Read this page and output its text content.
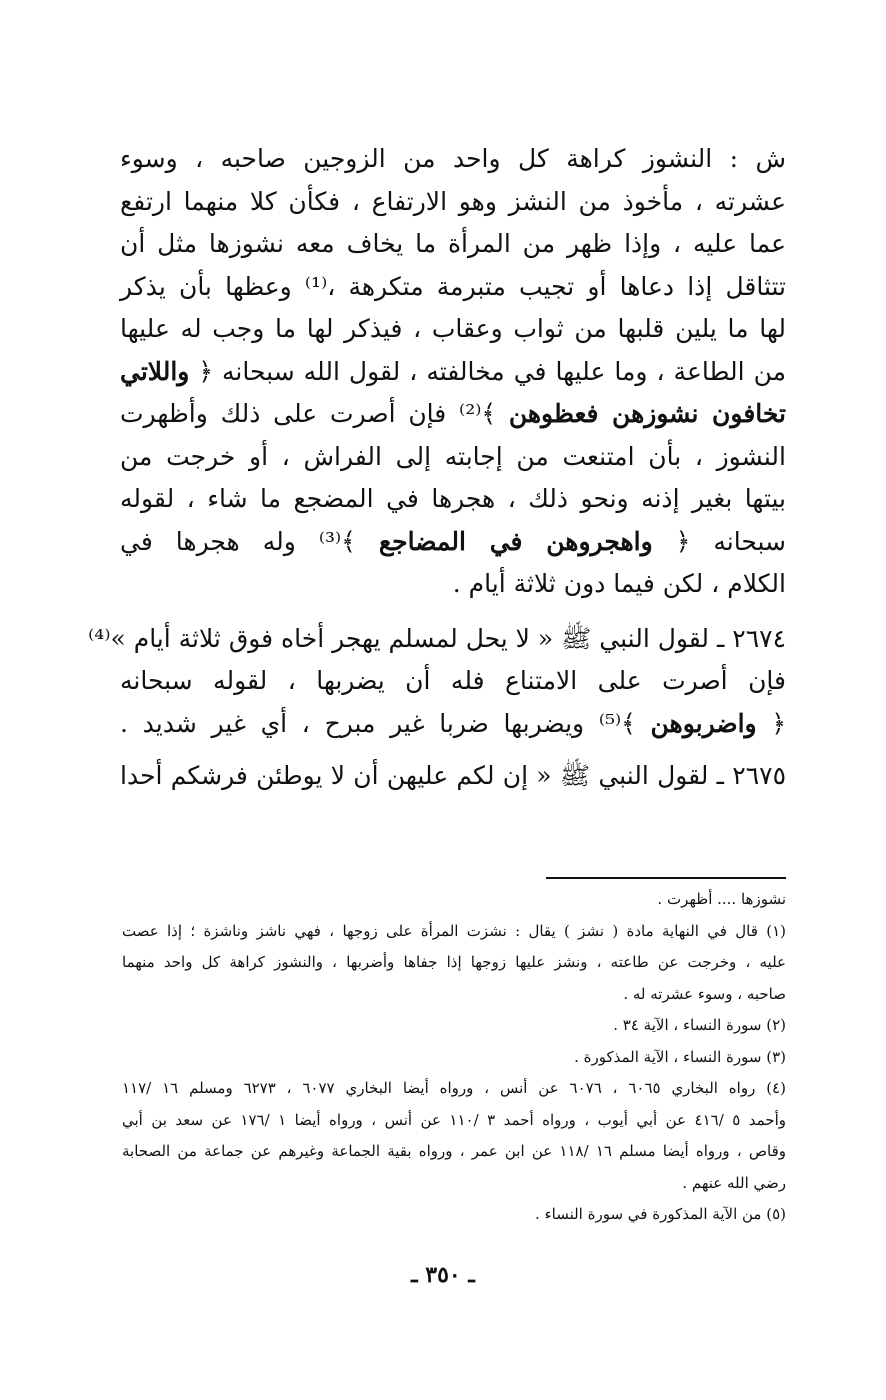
ش : النشوز كراهة كل واحد من الزوجين صاحبه ، وسوء
عشرته ، مأخوذ من النشز وهو الارتفاع ، فكأن كلا منهما ارتفع
عما عليه ، وإذا ظهر من المرأة ما يخاف معه نشوزها مثل أن
تتثاقل إذا دعاها أو تجيب متبرمة متكرهة ،⁽¹⁾ وعظها بأن يذكر
لها ما يلين قلبها من ثواب وعقاب ، فيذكر لها ما وجب له عليها
من الطاعة ، وما عليها في مخالفته ، لقول الله سبحانه ﴿ واللاتي
تخافون نشوزهن فعظوهن ﴾⁽²⁾ فإن أصرت على ذلك وأظهرت
النشوز ، بأن امتنعت من إجابته إلى الفراش ، أو خرجت من
بيتها بغير إذنه ونحو ذلك ، هجرها في المضجع ما شاء ، لقوله
سبحانه ﴿ واهجروهن في المضاجع ﴾⁽³⁾ وله هجرها في
الكلام ، لكن فيما دون ثلاثة أيام .
٢٦٧٤ ـ لقول النبي ﷺ « لا يحل لمسلم يهجر أخاه فوق ثلاثة أيام »⁽⁴⁾
فإن أصرت على الامتناع فله أن يضربها ، لقوله سبحانه
﴿ واضربوهن ﴾⁽⁵⁾ ويضربها ضربا غير مبرح ، أي غير شديد .
٢٦٧٥ ـ لقول النبي ﷺ « إن لكم عليهن أن لا يوطئن فرشكم أحدا
نشوزها .... أظهرت .
(١) قال في النهاية مادة ( نشز ) يقال : نشزت المرأة على زوجها ، فهي ناشز وناشزة ؛ إذا عصت
عليه ، وخرجت عن طاعته ، ونشز عليها زوجها إذا جفاها وأضربها ، والنشوز كراهة كل واحد منهما
صاحبه ، وسوء عشرته له .
(٢) سورة النساء ، الآية ٣٤ .
(٣) سورة النساء ، الآية المذكورة .
(٤) رواه البخاري ٦٠٦٥ ، ٦٠٧٦ عن أنس ، ورواه أيضا البخاري ٦٠٧٧ ، ٦٢٧٣ ومسلم ١٦ /١١٧
وأحمد ٥ /٤١٦ عن أبي أيوب ، ورواه أحمد ٣ /١١٠ عن أنس ، ورواه أيضا ١ /١٧٦ عن سعد بن أبي
وقاص ، ورواه أيضا مسلم ١٦ /١١٨ عن ابن عمر ، ورواه بقية الجماعة وغيرهم عن جماعة من الصحابة
رضي الله عنهم .
(٥) من الآية المذكورة في سورة النساء .
ـ ٣٥٠ ـ
